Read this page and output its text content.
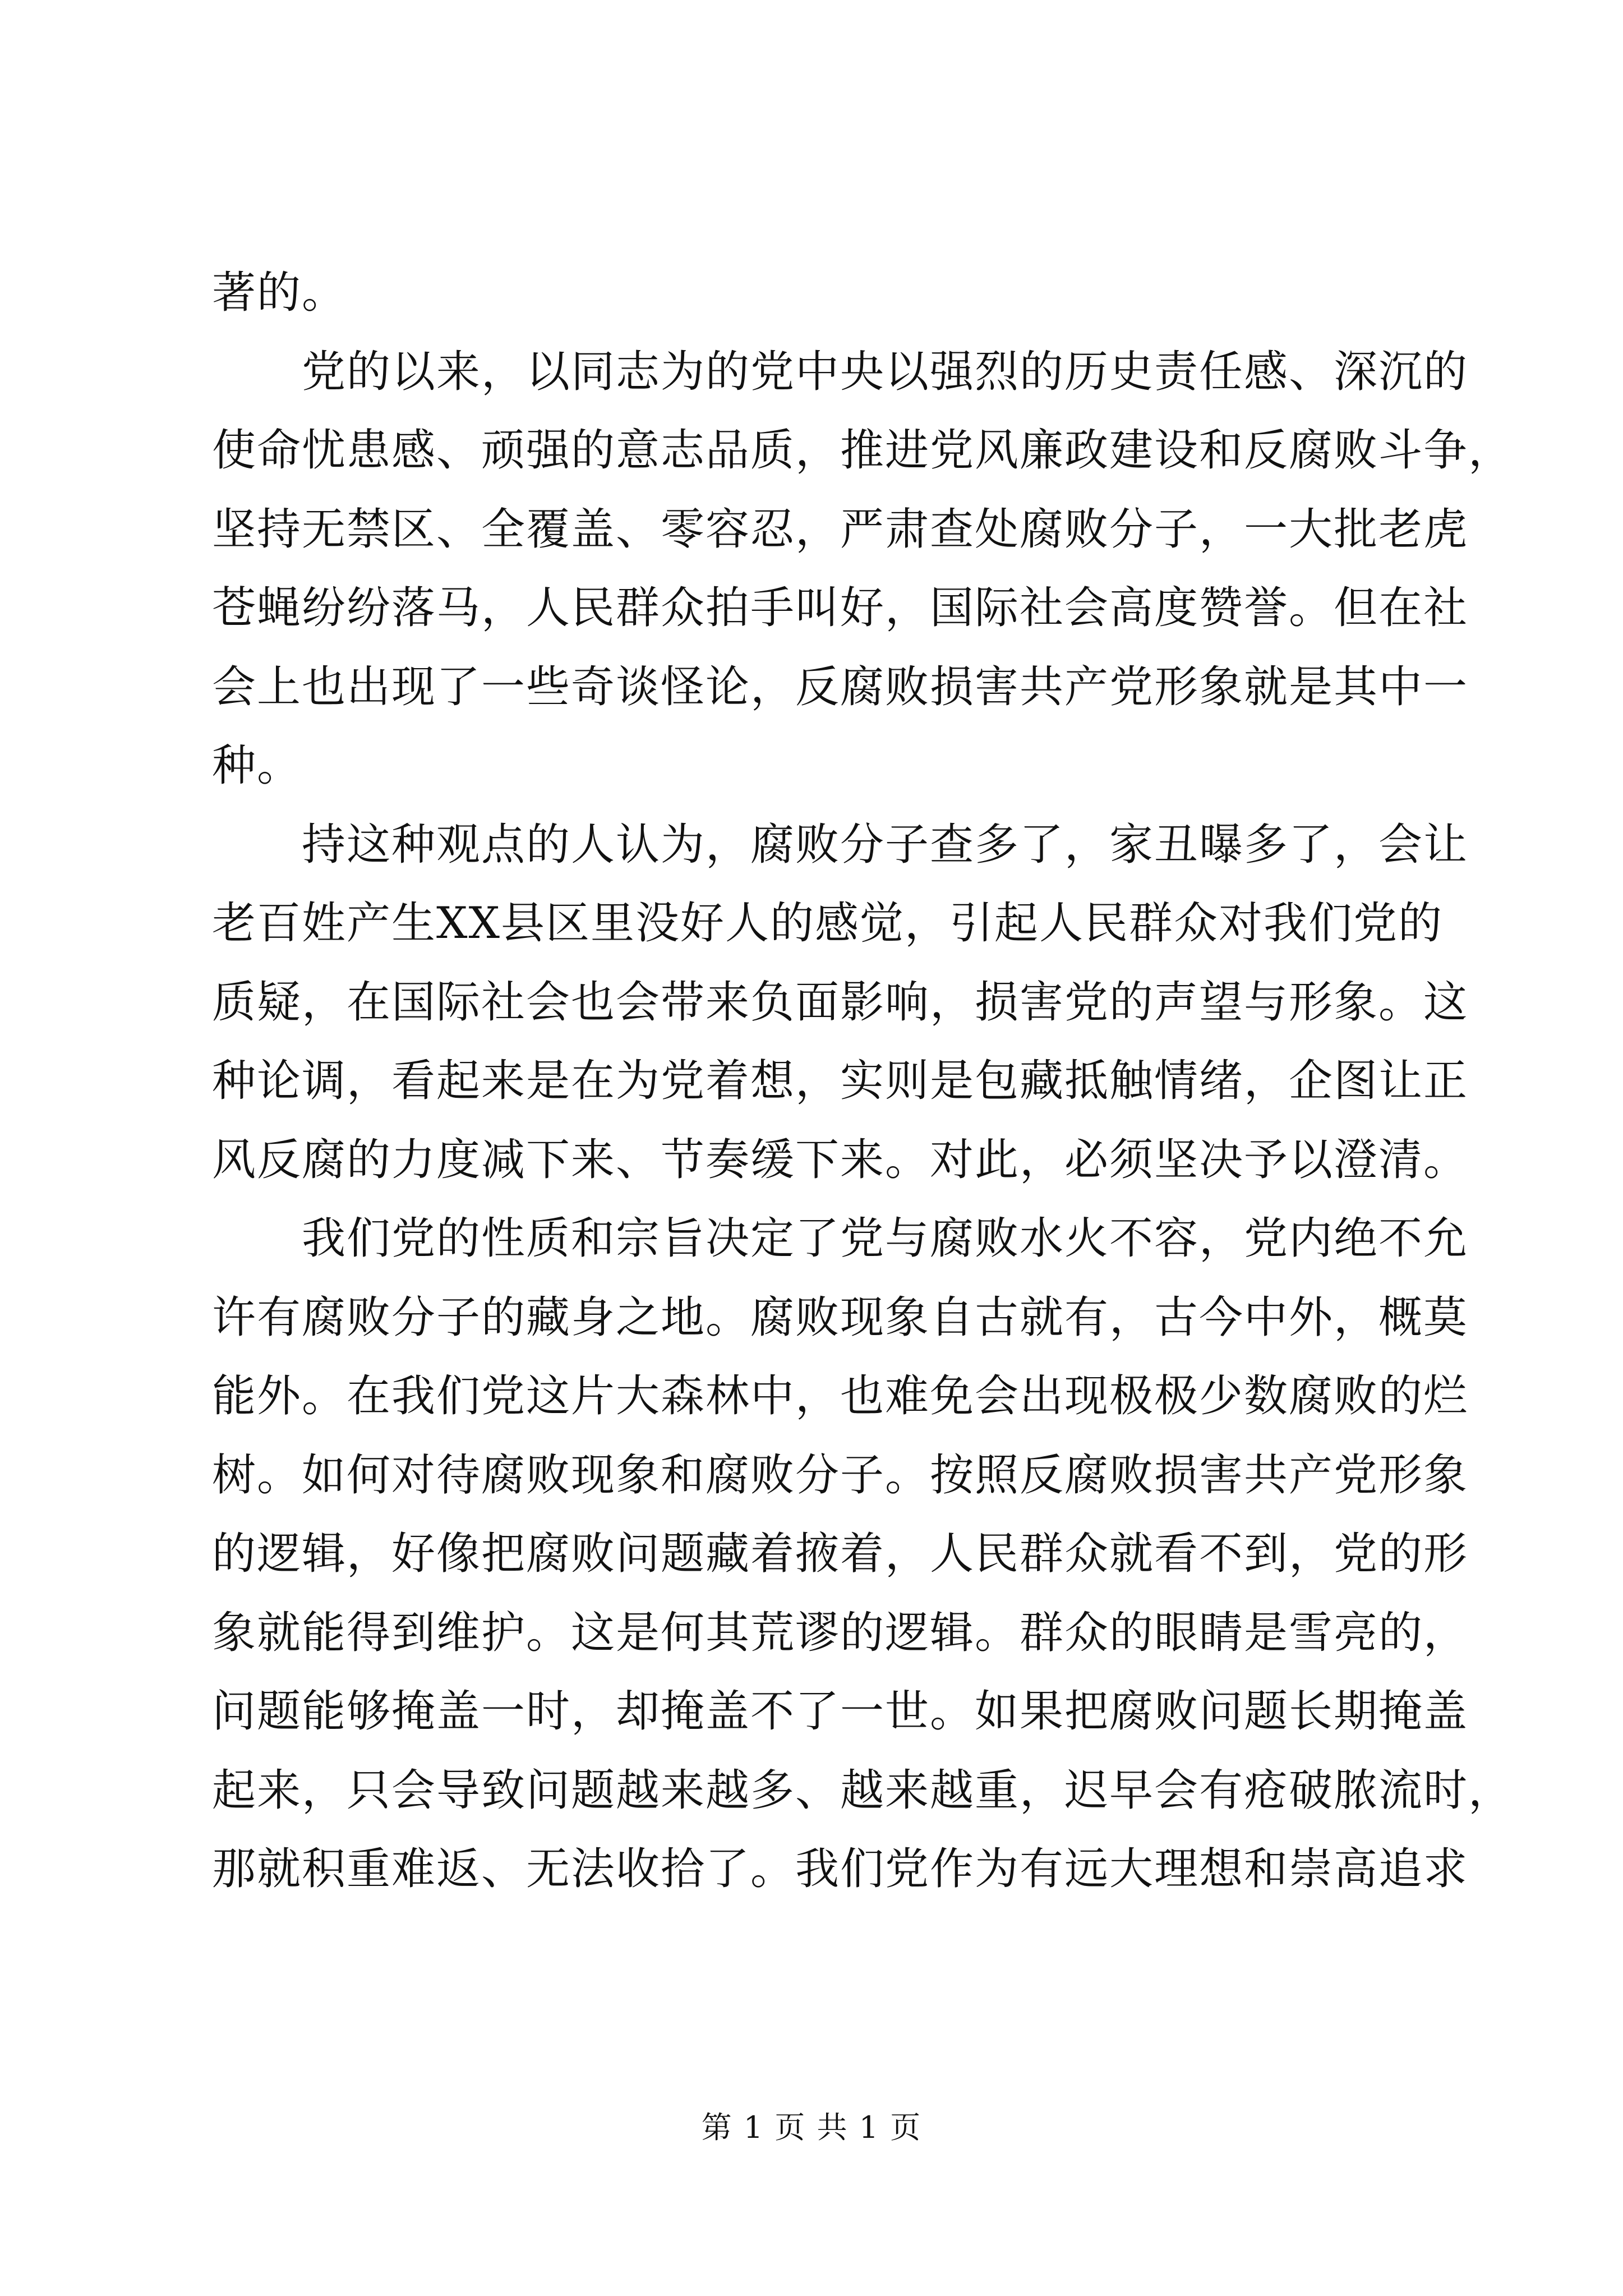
著的。
党的以来，以同志为的党中央以强烈的历史责任感、深沉的
使命忧患感、顽强的意志品质，推进党风廉政建设和反腐败斗争，
坚持无禁区、全覆盖、零容忍，严肃查处腐败分子，一大批老虎
苍蝇纷纷落马，人民群众拍手叫好，国际社会高度赞誉。但在社
会上也出现了一些奇谈怪论，反腐败损害共产党形象就是其中一
种。
持这种观点的人认为，腐败分子查多了，家丑曝多了，会让
老百姓产生XX县区里没好人的感觉，引起人民群众对我们党的
质疑，在国际社会也会带来负面影响，损害党的声望与形象。这
种论调，看起来是在为党着想，实则是包藏抵触情绪，企图让正
风反腐的力度减下来、节奏缓下来。对此，必须坚决予以澄清。
我们党的性质和宗旨决定了党与腐败水火不容，党内绝不允
许有腐败分子的藏身之地。腐败现象自古就有，古今中外，概莫
能外。在我们党这片大森林中，也难免会出现极极少数腐败的烂
树。如何对待腐败现象和腐败分子。按照反腐败损害共产党形象
的逻辑，好像把腐败问题藏着掖着，人民群众就看不到，党的形
象就能得到维护。这是何其荒谬的逻辑。群众的眼睛是雪亮的，
问题能够掩盖一时，却掩盖不了一世。如果把腐败问题长期掩盖
起来，只会导致问题越来越多、越来越重，迟早会有疮破脓流时，
那就积重难返、无法收拾了。我们党作为有远大理想和崇高追求
第 1 页 共 1 页
